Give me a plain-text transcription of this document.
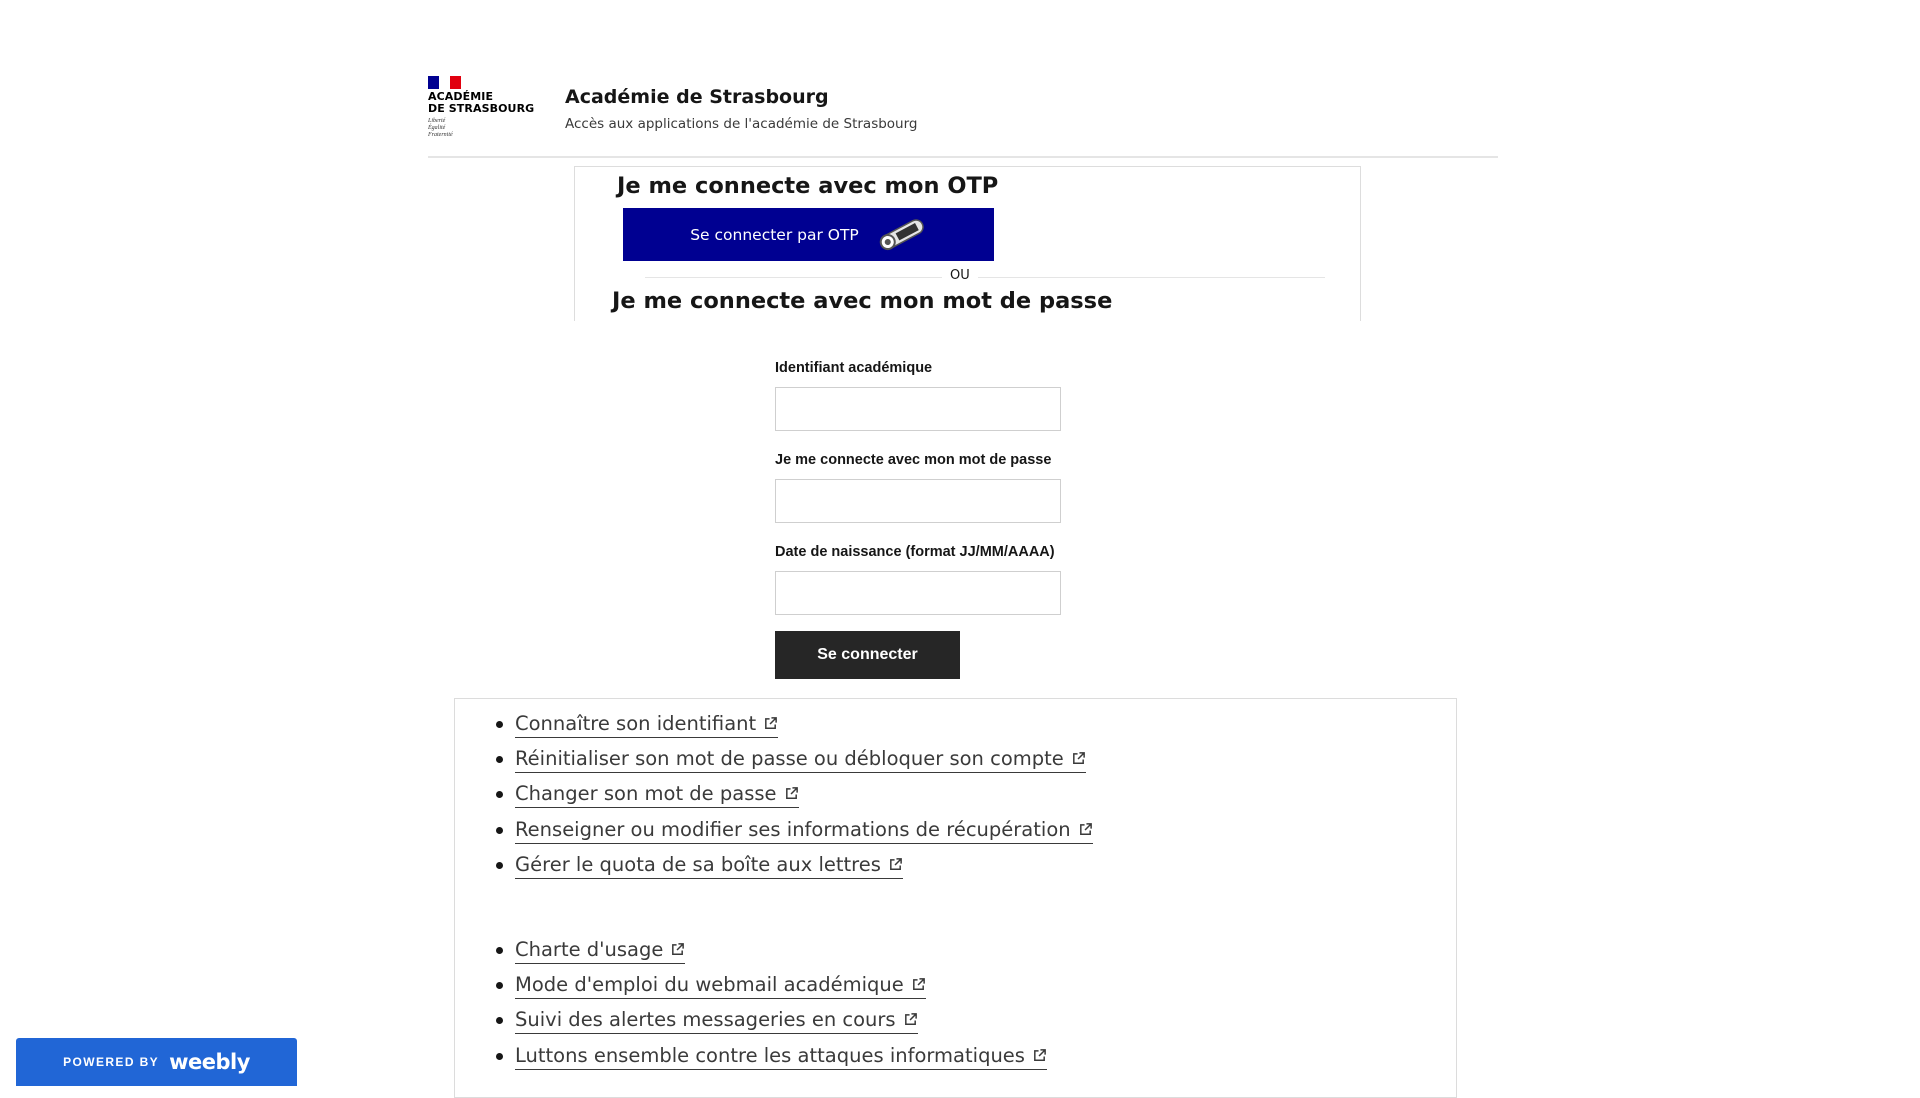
ACADÉMIE
DE STRASBOURG
Liberté
Égalité
Fraternité
Académie de Strasbourg

Accès aux applications de l'académie de Strasbourg

Je me connecte avec mon OTP
Se connecter par OTP
OU
Je me connecte avec mon mot de passe
Identifiant académique
Je me connecte avec mon mot de passe
Date de naissance (format JJ/MM/AAAA)
Se connecter
Connaître son identifiant
Réinitialiser son mot de passe ou débloquer son compte
Changer son mot de passe
Renseigner ou modifier ses informations de récupération
Gérer le quota de sa boîte aux lettres
Charte d'usage
Mode d'emploi du webmail académique
Suivi des alertes messageries en cours
Luttons ensemble contre les attaques informatiques
POWERED BY weebly
